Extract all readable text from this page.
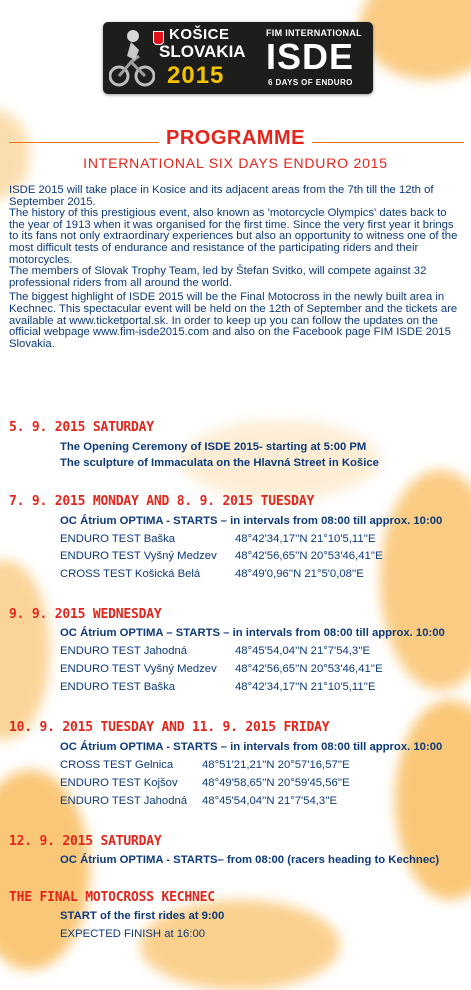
KOŠICE
SLOVAKIA
2015
FIM INTERNATIONAL
ISDE
6 DAYS OF ENDURO
PROGRAMME
INTERNATIONAL SIX DAYS ENDURO 2015

ISDE 2015 will take place in Kosice and its adjacent areas from the 7th till the 12th of September 2015.

The history of this prestigious event, also known as 'motorcycle Olympics' dates back to the year of 1913 when it was organised for the first time. Since the very first year it brings to its fans not only extraordinary experiences but also an opportunity to witness one of the most difficult tests of endurance and resistance of the participating riders and their motorcycles.

The members of Slovak Trophy Team, led by Štefan Svitko, will compete against 32 professional riders from all around the world.

The biggest highlight of ISDE 2015 will be the Final Motocross in the newly built area in Kechnec. This spectacular event will be held on the 12th of September and the tickets are available at www.ticketportal.sk. In order to keep up you can follow the updates on the official webpage www.fim-isde2015.com and also on the Facebook page FIM ISDE 2015 Slovakia.

5. 9. 2015 SATURDAY
The Opening Ceremony of ISDE 2015- starting at 5:00 PM
The sculpture of Immaculata on the Hlavná Street in Košice
7. 9. 2015 MONDAY AND 8. 9. 2015 TUESDAY
OC Átrium OPTIMA - STARTS – in intervals from 08:00 till approx. 10:00
ENDURO TEST Baška	48°42'34,17''N 21°10'5,11''E
ENDURO TEST Vyšný Medzev 48°42'56,65''N 20°53'46,41''E
CROSS TEST Košická Belá	48°49'0,96''N 21°5'0,08''E
9. 9. 2015 WEDNESDAY
OC Átrium OPTIMA – STARTS – in intervals from 08:00 till approx. 10:00
ENDURO TEST Jahodná	48°45'54,04''N 21°7'54,3''E
ENDURO TEST Vyšný Medzev 48°42'56,65''N 20°53'46,41''E
ENDURO TEST Baška	48°42'34,17''N 21°10'5,11''E
10. 9. 2015 TUESDAY AND 11. 9. 2015 FRIDAY
OC Átrium OPTIMA - STARTS – in intervals from 08:00 till approx. 10:00
CROSS TEST Gelnica	48°51'21,21''N 20°57'16,57''E
ENDURO TEST Kojšov 48°49'58,65''N 20°59'45,56''E
ENDURO TEST Jahodná 48°45'54,04''N 21°7'54,3''E
12. 9. 2015 SATURDAY
OC Átrium OPTIMA - STARTS– from 08:00 (racers heading to Kechnec)
THE FINAL MOTOCROSS KECHNEC
START of the first rides at 9:00
EXPECTED FINISH at 16:00
